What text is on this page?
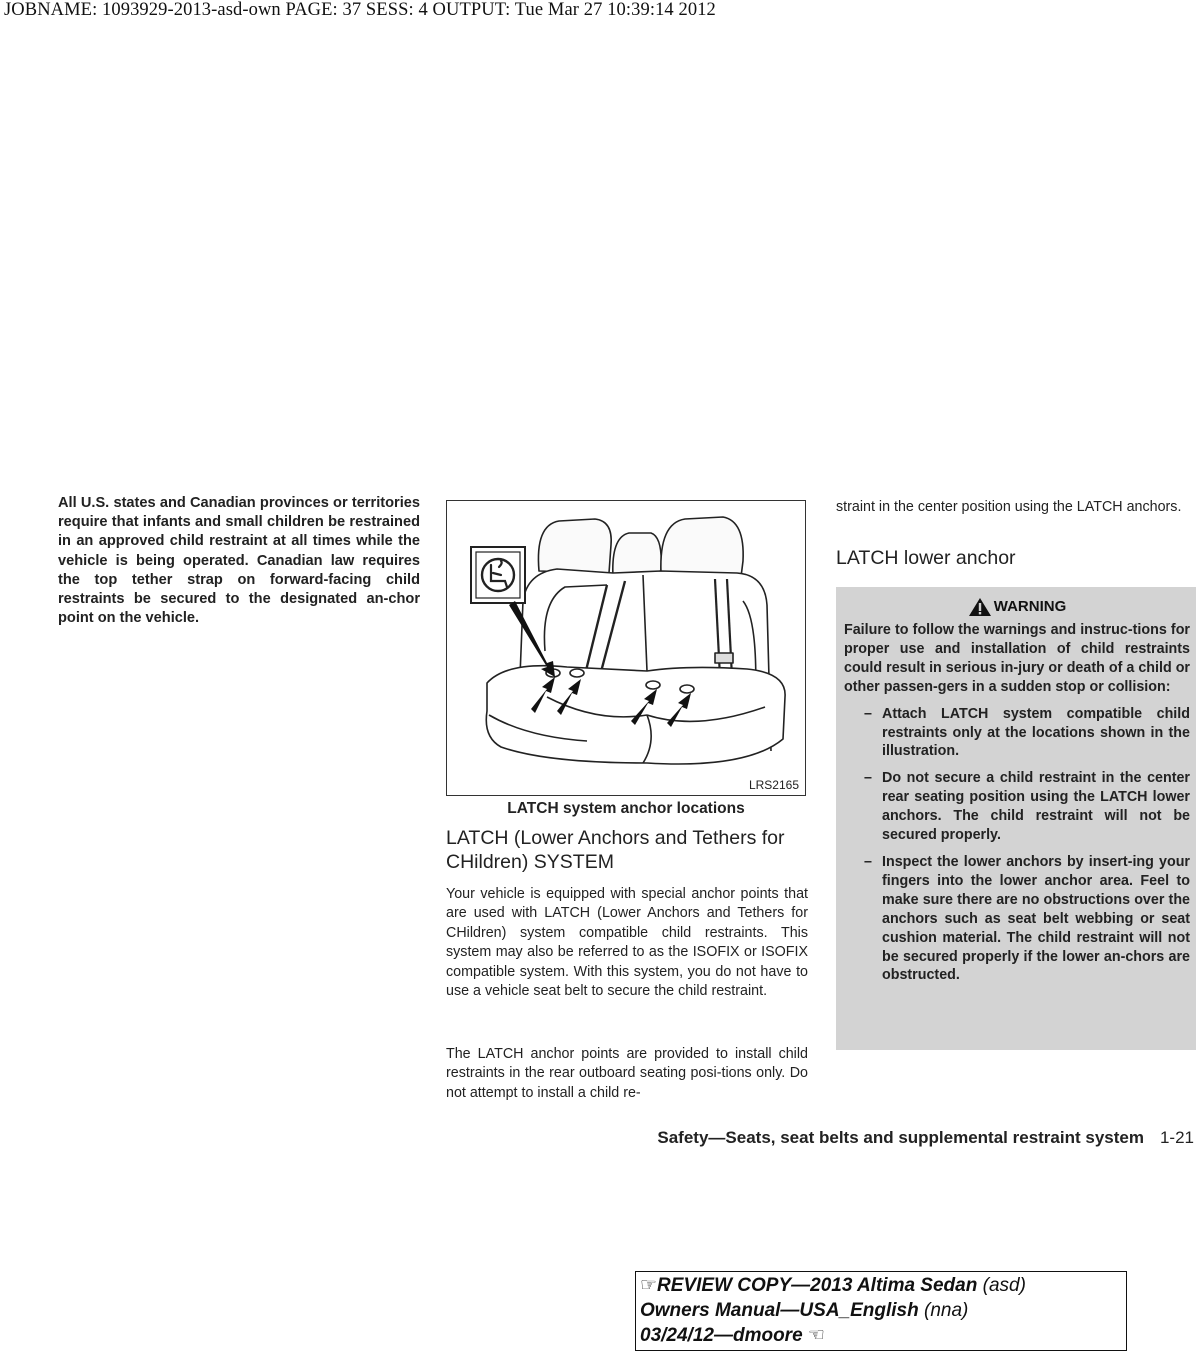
JOBNAME: 1093929-2013-asd-own PAGE: 37 SESS: 4 OUTPUT: Tue Mar 27 10:39:14 2012
All U.S. states and Canadian provinces or territories require that infants and small children be restrained in an approved child restraint at all times while the vehicle is being operated. Canadian law requires the top tether strap on forward-facing child restraints be secured to the designated an-chor point on the vehicle.
LRS2165
LATCH system anchor locations
LATCH (Lower Anchors and Tethers for CHildren) SYSTEM
Your vehicle is equipped with special anchor points that are used with LATCH (Lower Anchors and Tethers for CHildren) system compatible child restraints. This system may also be referred to as the ISOFIX or ISOFIX compatible system. With this system, you do not have to use a vehicle seat belt to secure the child restraint.
The LATCH anchor points are provided to install child restraints in the rear outboard seating posi-tions only. Do not attempt to install a child re-
straint in the center position using the LATCH anchors.
LATCH lower anchor
WARNING
Failure to follow the warnings and instruc-tions for proper use and installation of child restraints could result in serious in-jury or death of a child or other passen-gers in a sudden stop or collision:
– Attach LATCH system compatible child restraints only at the locations shown in the illustration.
– Do not secure a child restraint in the center rear seating position using the LATCH lower anchors. The child restraint will not be secured properly.
– Inspect the lower anchors by insert-ing your fingers into the lower anchor area. Feel to make sure there are no obstructions over the anchors such as seat belt webbing or seat cushion material. The child restraint will not be secured properly if the lower an-chors are obstructed.
Safety—Seats, seat belts and supplemental restraint system 1-21
☞REVIEW COPY—2013 Altima Sedan (asd)
Owners Manual—USA_English (nna)
03/24/12—dmoore ☜
